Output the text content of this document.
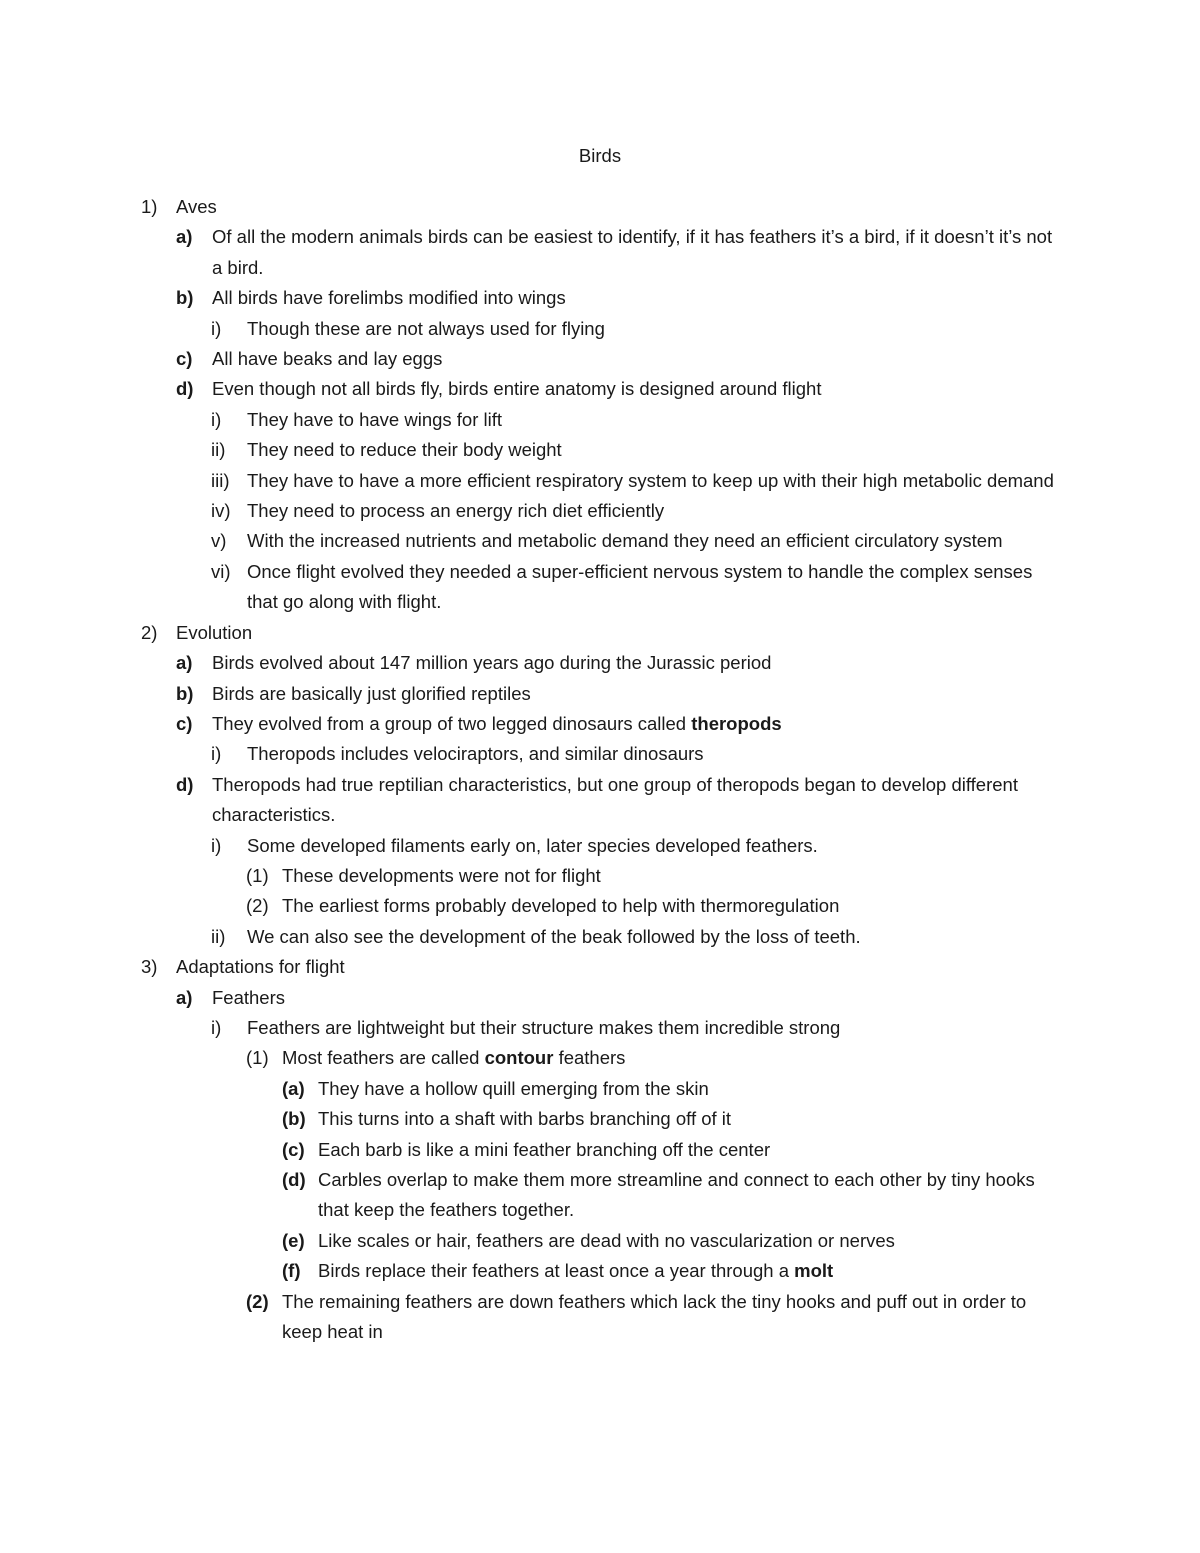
Birds
1) Aves
a) Of all the modern animals birds can be easiest to identify, if it has feathers it’s a bird, if it doesn’t it’s not a bird.
b) All birds have forelimbs modified into wings
i) Though these are not always used for flying
c) All have beaks and lay eggs
d) Even though not all birds fly, birds entire anatomy is designed around flight
i) They have to have wings for lift
ii) They need to reduce their body weight
iii) They have to have a more efficient respiratory system to keep up with their high metabolic demand
iv) They need to process an energy rich diet efficiently
v) With the increased nutrients and metabolic demand they need an efficient circulatory system
vi) Once flight evolved they needed a super-efficient nervous system to handle the complex senses that go along with flight.
2) Evolution
a) Birds evolved about 147 million years ago during the Jurassic period
b) Birds are basically just glorified reptiles
c) They evolved from a group of two legged dinosaurs called theropods
i) Theropods includes velociraptors, and similar dinosaurs
d) Theropods had true reptilian characteristics, but one group of theropods began to develop different characteristics.
i) Some developed filaments early on, later species developed feathers.
(1) These developments were not for flight
(2) The earliest forms probably developed to help with thermoregulation
ii) We can also see the development of the beak followed by the loss of teeth.
3) Adaptations for flight
a) Feathers
i) Feathers are lightweight but their structure makes them incredible strong
(1) Most feathers are called contour feathers
(a) They have a hollow quill emerging from the skin
(b) This turns into a shaft with barbs branching off of it
(c) Each barb is like a mini feather branching off the center
(d) Carbles overlap to make them more streamline and connect to each other by tiny hooks that keep the feathers together.
(e) Like scales or hair, feathers are dead with no vascularization or nerves
(f) Birds replace their feathers at least once a year through a molt
(2) The remaining feathers are down feathers which lack the tiny hooks and puff out in order to keep heat in
